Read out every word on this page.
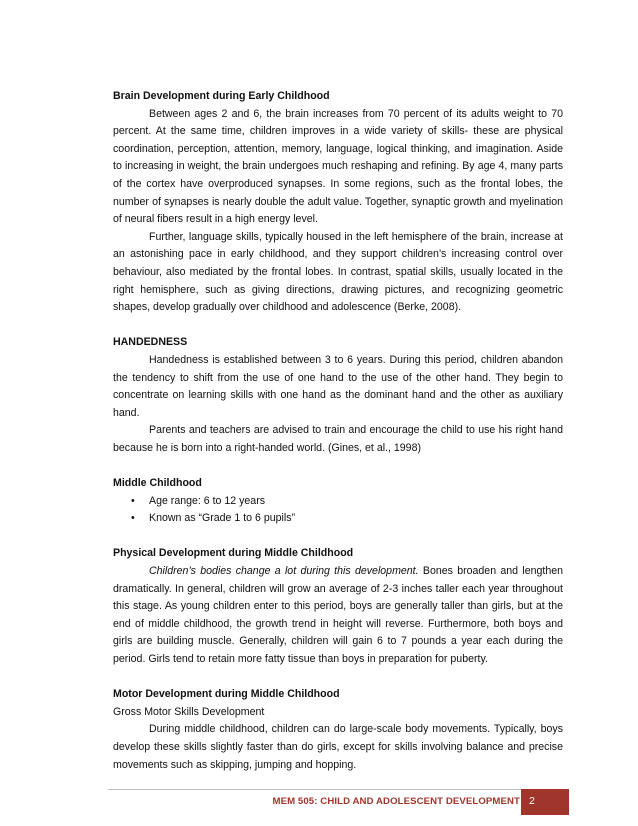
Brain Development during Early Childhood

Between ages 2 and 6, the brain increases from 70 percent of its adults weight to 70 percent. At the same time, children improves in a wide variety of skills- these are physical coordination, perception, attention, memory, language, logical thinking, and imagination. Aside to increasing in weight, the brain undergoes much reshaping and refining. By age 4, many parts of the cortex have overproduced synapses. In some regions, such as the frontal lobes, the number of synapses is nearly double the adult value. Together, synaptic growth and myelination of neural fibers result in a high energy level.

Further, language skills, typically housed in the left hemisphere of the brain, increase at an astonishing pace in early childhood, and they support children’s increasing control over behaviour, also mediated by the frontal lobes. In contrast, spatial skills, usually located in the right hemisphere, such as giving directions, drawing pictures, and recognizing geometric shapes, develop gradually over childhood and adolescence (Berke, 2008).

HANDEDNESS

Handedness is established between 3 to 6 years. During this period, children abandon the tendency to shift from the use of one hand to the use of the other hand. They begin to concentrate on learning skills with one hand as the dominant hand and the other as auxiliary hand.

Parents and teachers are advised to train and encourage the child to use his right hand because he is born into a right-handed world. (Gines, et al., 1998)

Middle Childhood

• Age range: 6 to 12 years
• Known as “Grade 1 to 6 pupils”

Physical Development during Middle Childhood

Children’s bodies change a lot during this development. Bones broaden and lengthen dramatically. In general, children will grow an average of 2-3 inches taller each year throughout this stage. As young children enter to this period, boys are generally taller than girls, but at the end of middle childhood, the growth trend in height will reverse. Furthermore, both boys and girls are building muscle. Generally, children will gain 6 to 7 pounds a year each during the period. Girls tend to retain more fatty tissue than boys in preparation for puberty.

Motor Development during Middle Childhood

Gross Motor Skills Development

During middle childhood, children can do large-scale body movements. Typically, boys develop these skills slightly faster than do girls, except for skills involving balance and precise movements such as skipping, jumping and hopping.

MEM 505: CHILD AND ADOLESCENT DEVELOPMENT 2
